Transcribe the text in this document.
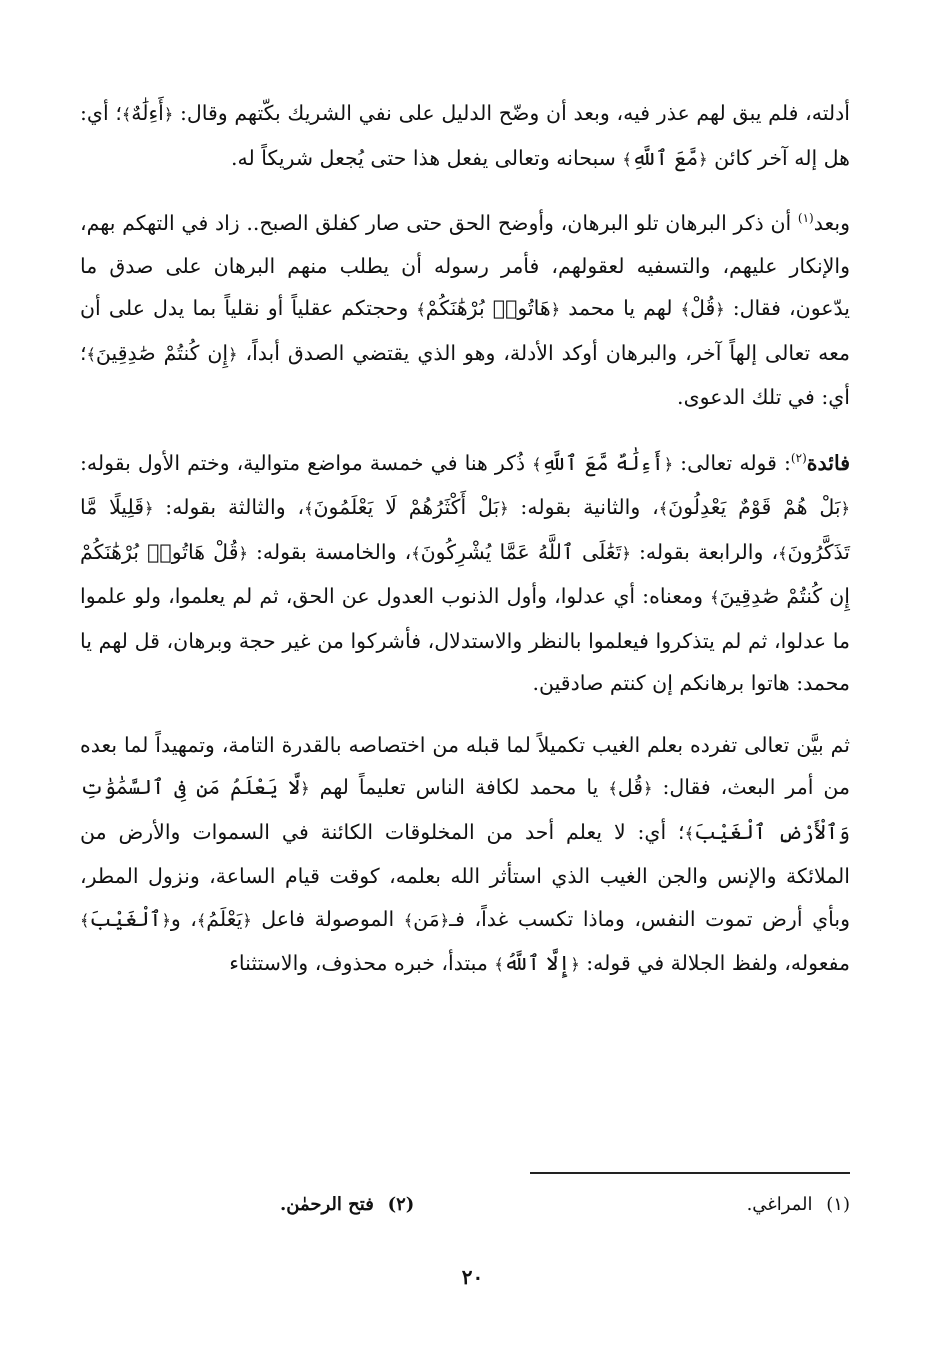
أدلته، فلم يبق لهم عذر فيه، وبعد أن وضّح الدليل على نفي الشريك بكّتهم وقال: ﴿أَءِلَٰهٌ﴾؛ أي: هل إله آخر كائن ﴿مَّعَ ٱللَّهِ﴾ سبحانه وتعالى يفعل هذا حتى يُجعل شريكاً له.

وبعد$^{(١)}$ أن ذكر البرهان تلو البرهان، وأوضح الحق حتى صار كفلق الصبح.. زاد في التهكم بهم، والإنكار عليهم، والتسفيه لعقولهم، فأمر رسوله أن يطلب منهم البرهان على صدق ما يدّعون، فقال: ﴿قُلْ﴾ لهم يا محمد ﴿هَاتُوا۟ بُرْهَٰنَكُمْ﴾ وحجتكم عقلياً أو نقلياً بما يدل على أن معه تعالى إلهاً آخر، والبرهان أوكد الأدلة، وهو الذي يقتضي الصدق أبداً، ﴿إِن كُنتُمْ صَٰدِقِينَ﴾؛ أي: في تلك الدعوى.

فائدة$^{(٢)}$: قوله تعالى: ﴿أَءِلَٰهٌ مَّعَ ٱللَّهِ﴾ ذُكر هنا في خمسة مواضع متوالية، وختم الأول بقوله: ﴿بَلْ هُمْ قَوْمٌ يَعْدِلُونَ﴾، والثانية بقوله: ﴿بَلْ أَكْثَرُهُمْ لَا يَعْلَمُونَ﴾، والثالثة بقوله: ﴿قَلِيلًا مَّا تَذَكَّرُونَ﴾، والرابعة بقوله: ﴿تَعَٰلَى ٱللَّهُ عَمَّا يُشْرِكُونَ﴾، والخامسة بقوله: ﴿قُلْ هَاتُوا۟ بُرْهَٰنَكُمْ إِن كُنتُمْ صَٰدِقِينَ﴾ ومعناه: أي عدلوا، وأول الذنوب العدول عن الحق، ثم لم يعلموا، ولو علموا ما عدلوا، ثم لم يتذكروا فيعلموا بالنظر والاستدلال، فأشركوا من غير حجة وبرهان، قل لهم يا محمد: هاتوا برهانكم إن كنتم صادقين.

ثم بيَّن تعالى تفرده بعلم الغيب تكميلاً لما قبله من اختصاصه بالقدرة التامة، وتمهيداً لما بعده من أمر البعث، فقال: ﴿قُل﴾ يا محمد لكافة الناس تعليماً لهم ﴿لَّا يَعْلَمُ مَن فِى ٱلسَّمَٰوَٰتِ وَٱلْأَرْضِ ٱلْغَيْبَ﴾؛ أي: لا يعلم أحد من المخلوقات الكائنة في السموات والأرض من الملائكة والإنس والجن الغيب الذي استأثر الله بعلمه، كوقت قيام الساعة، ونزول المطر، وبأي أرض تموت النفس، وماذا تكسب غداً، فـ﴿مَن﴾ الموصولة فاعل ﴿يَعْلَمُ﴾، و﴿ٱلْغَيْبَ﴾ مفعوله، ولفظ الجلالة في قوله: ﴿إِلَّا ٱللَّهُ﴾ مبتدأ، خبره محذوف، والاستثناء

(١) المراغي.
(٢) فتح الرحمٰن.
٢٠
